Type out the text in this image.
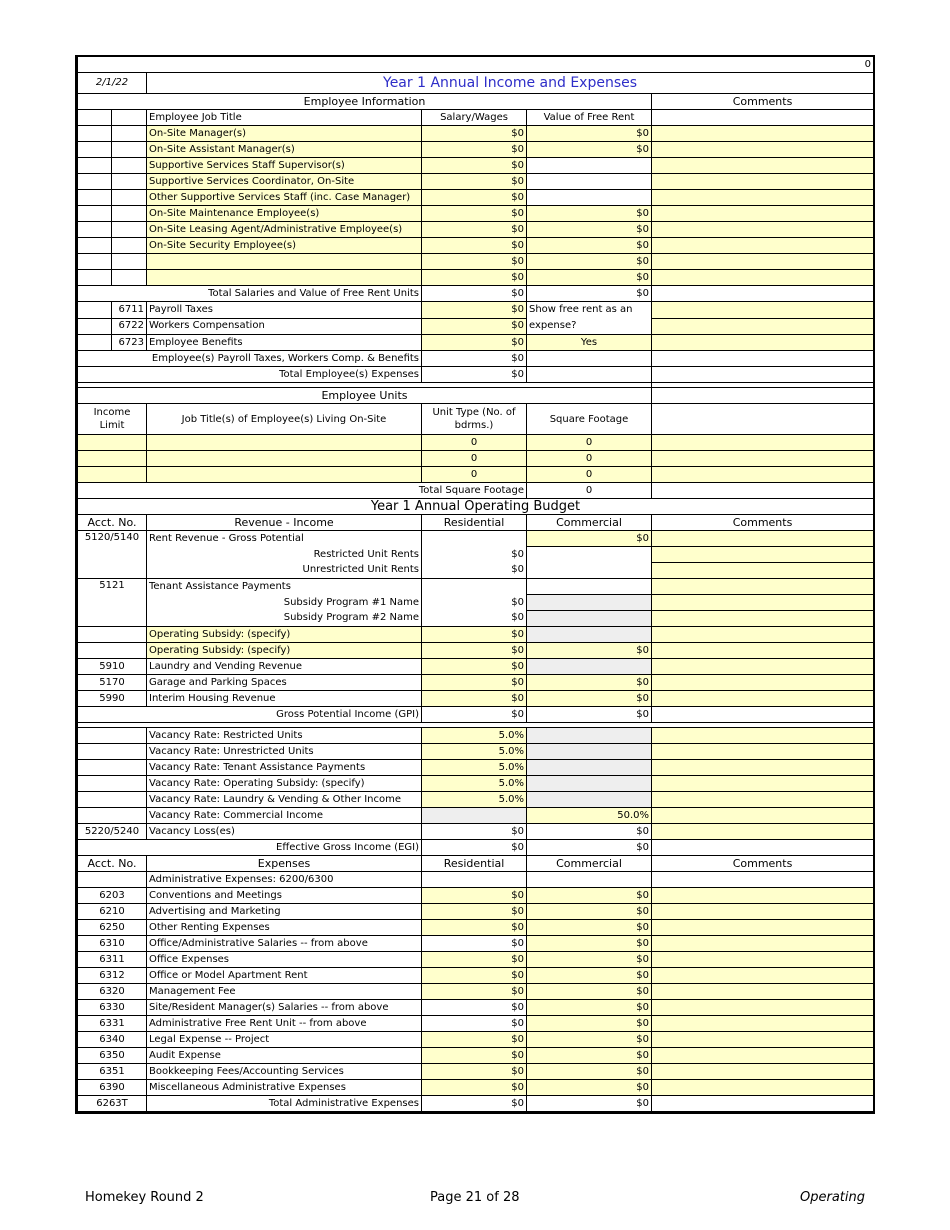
0					
2/1/22		Year 1 Annual Income and Expenses			
Employee Information					Comments
		Employee Job Title	Salary/Wages	Value of Free Rent	
		On-Site Manager(s)	$0	$0	
		On-Site Assistant Manager(s)	$0	$0	
		Supportive Services Staff Supervisor(s)	$0		
		Supportive Services Coordinator, On-Site	$0		
		Other Supportive Services Staff (inc. Case Manager)	$0		
		On-Site Maintenance Employee(s)	$0	$0	
		On-Site Leasing Agent/Administrative Employee(s)	$0	$0	
		On-Site Security Employee(s)	$0	$0	
			$0	$0	
			$0	$0	
Total Salaries and Value of Free Rent Units			$0	$0	
	6711	Payroll Taxes	$0	Show free rent as an expense?	
	6722	Workers Compensation	$0		
	6723	Employee Benefits	$0	Yes	
Employee(s) Payroll Taxes, Workers Comp. & Benefits			$0		
Total Employee(s) Expenses			$0		

Employee Units					
Income Limit		Job Title(s) of Employee(s) Living On-Site	Unit Type (No. of bdrms.)	Square Footage	
			0	0	
			0	0	
			0	0	
Total Square Footage				0	
Year 1 Annual Operating Budget					
Acct. No.		Revenue - Income	Residential	Commercial	Comments
5120/5140		Rent Revenue - Gross Potential		$0	
		Restricted Unit Rents	$0		
		Unrestricted Unit Rents	$0		
5121		Tenant Assistance Payments			
		Subsidy Program #1 Name	$0		
		Subsidy Program #2 Name	$0		
		Operating Subsidy: (specify)	$0		
		Operating Subsidy: (specify)	$0	$0	
5910		Laundry and Vending Revenue	$0		
5170		Garage and Parking Spaces	$0	$0	
5990		Interim Housing Revenue	$0	$0	
Gross Potential Income (GPI)			$0	$0	

		Vacancy Rate: Restricted Units	5.0%		
		Vacancy Rate: Unrestricted Units	5.0%		
		Vacancy Rate: Tenant Assistance Payments	5.0%		
		Vacancy Rate: Operating Subsidy: (specify)	5.0%		
		Vacancy Rate: Laundry & Vending & Other Income	5.0%		
		Vacancy Rate: Commercial Income		50.0%	
5220/5240		Vacancy Loss(es)	$0	$0	
Effective Gross Income (EGI)			$0	$0	
Acct. No.		Expenses	Residential	Commercial	Comments
		Administrative Expenses: 6200/6300			
6203		Conventions and Meetings	$0	$0	
6210		Advertising and Marketing	$0	$0	
6250		Other Renting Expenses	$0	$0	
6310		Office/Administrative Salaries -- from above	$0	$0	
6311		Office Expenses	$0	$0	
6312		Office or Model Apartment Rent	$0	$0	
6320		Management Fee	$0	$0	
6330		Site/Resident Manager(s) Salaries -- from above	$0	$0	
6331		Administrative Free Rent Unit -- from above	$0	$0	
6340		Legal Expense -- Project	$0	$0	
6350		Audit Expense	$0	$0	
6351		Bookkeeping Fees/Accounting Services	$0	$0	
6390		Miscellaneous Administrative Expenses	$0	$0	
6263T		Total Administrative Expenses	$0	$0	
Homekey Round 2	Page 21 of 28	Operating
